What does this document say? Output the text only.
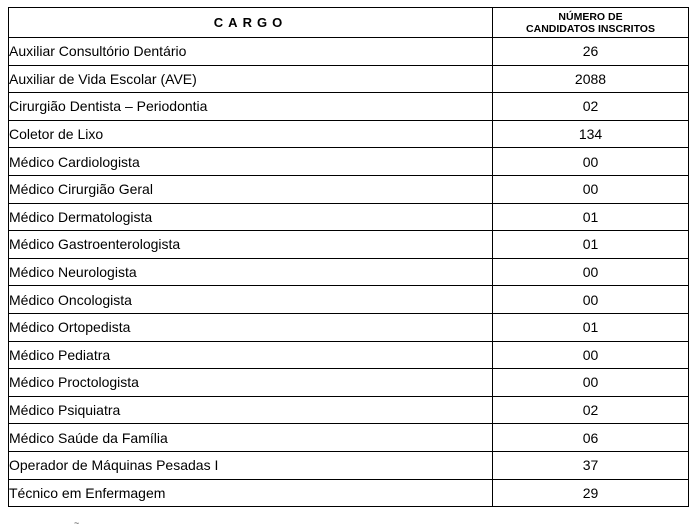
CARGO	NÚMERO DE
CANDIDATOS INSCRITOS

Auxiliar Consultório Dentário	26
Auxiliar de Vida Escolar (AVE)	2088
Cirurgião Dentista – Periodontia	02
Coletor de Lixo	134
Médico Cardiologista	00
Médico Cirurgião Geral	00
Médico Dermatologista	01
Médico Gastroenterologista	01
Médico Neurologista	00
Médico Oncologista	00
Médico Ortopedista	01
Médico Pediatra	00
Médico Proctologista	00
Médico Psiquiatra	02
Médico Saúde da Família	06
Operador de Máquinas Pesadas I	37
Técnico em Enfermagem	29
~
